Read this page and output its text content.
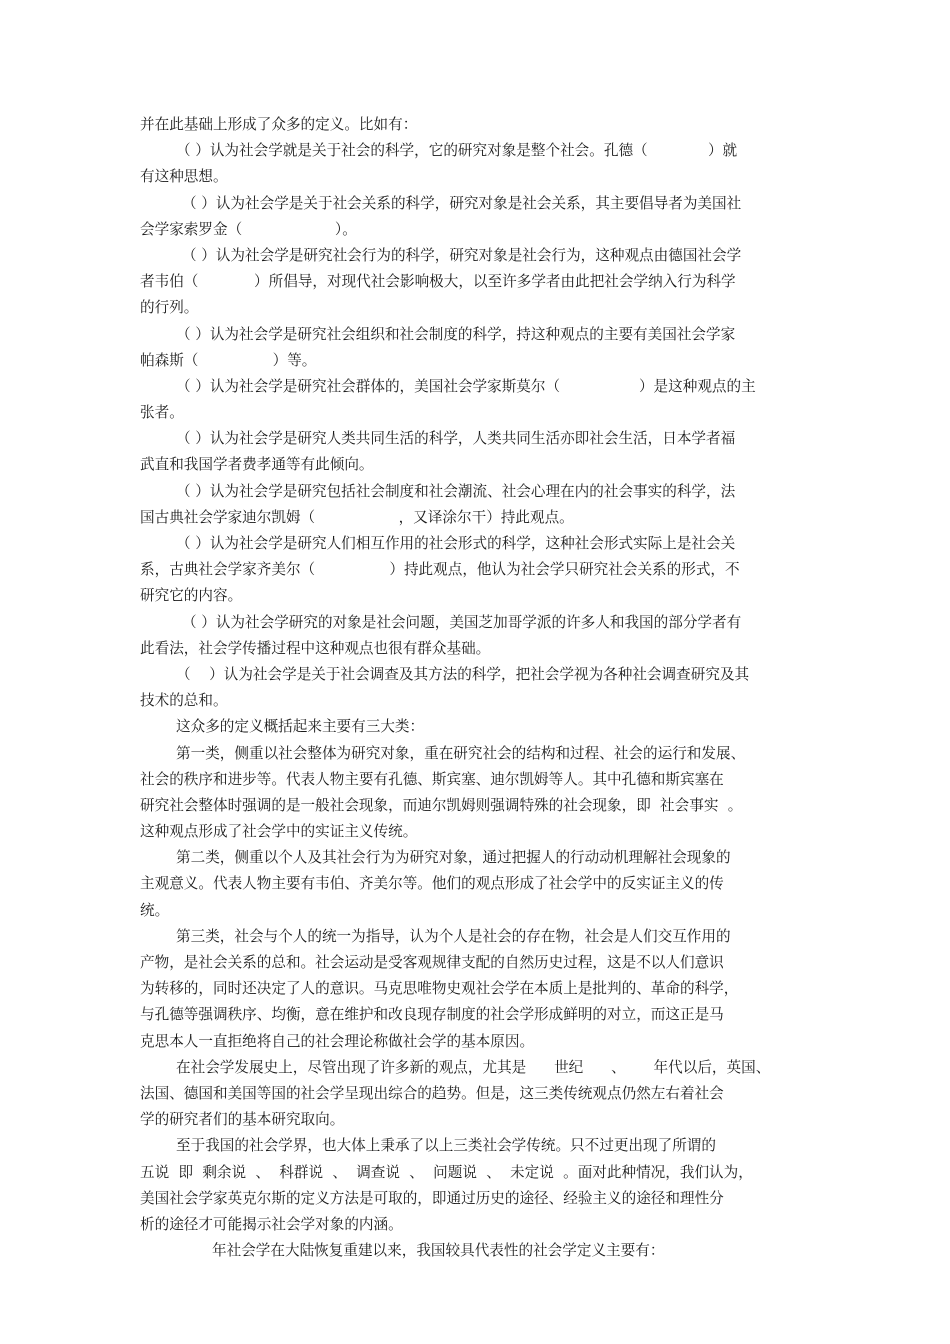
并在此基础上形成了众多的定义。比如有：
（ ）认为社会学就是关于社会的科学，它的研究对象是整个社会。孔德（             ）就
有这种思想。
（ ）认为社会学是关于社会关系的科学，研究对象是社会关系，其主要倡导者为美国社
会学家索罗金（                    ）。
（ ）认为社会学是研究社会行为的科学，研究对象是社会行为，这种观点由德国社会学
者韦伯（            ）所倡导，对现代社会影响极大，以至许多学者由此把社会学纳入行为科学
的行列。
（ ）认为社会学是研究社会组织和社会制度的科学，持这种观点的主要有美国社会学家
帕森斯（                ）等。
（ ）认为社会学是研究社会群体的，美国社会学家斯莫尔（                 ）是这种观点的主
张者。
（ ）认为社会学是研究人类共同生活的科学，人类共同生活亦即社会生活，日本学者福
武直和我国学者费孝通等有此倾向。
（ ）认为社会学是研究包括社会制度和社会潮流、社会心理在内的社会事实的科学，法
国古典社会学家迪尔凯姆（                  ，又译涂尔干）持此观点。
（ ）认为社会学是研究人们相互作用的社会形式的科学，这种社会形式实际上是社会关
系，古典社会学家齐美尔（                ）持此观点，他认为社会学只研究社会关系的形式，不
研究它的内容。
（ ）认为社会学研究的对象是社会问题，美国芝加哥学派的许多人和我国的部分学者有
此看法，社会学传播过程中这种观点也很有群众基础。
（    ）认为社会学是关于社会调查及其方法的科学，把社会学视为各种社会调查研究及其
技术的总和。
这众多的定义概括起来主要有三大类：
第一类，侧重以社会整体为研究对象，重在研究社会的结构和过程、社会的运行和发展、
社会的秩序和进步等。代表人物主要有孔德、斯宾塞、迪尔凯姆等人。其中孔德和斯宾塞在
研究社会整体时强调的是一般社会现象，而迪尔凯姆则强调特殊的社会现象，即  社会事实  。
这种观点形成了社会学中的实证主义传统。
第二类，侧重以个人及其社会行为为研究对象，通过把握人的行动动机理解社会现象的
主观意义。代表人物主要有韦伯、齐美尔等。他们的观点形成了社会学中的反实证主义的传
统。
第三类，社会与个人的统一为指导，认为个人是社会的存在物，社会是人们交互作用的
产物，是社会关系的总和。社会运动是受客观规律支配的自然历史过程，这是不以人们意识
为转移的，同时还决定了人的意识。马克思唯物史观社会学在本质上是批判的、革命的科学，
与孔德等强调秩序、均衡，意在维护和改良现存制度的社会学形成鲜明的对立，而这正是马
克思本人一直拒绝将自己的社会理论称做社会学的基本原因。
在社会学发展史上，尽管出现了许多新的观点，尤其是      世纪      、      年代以后，英国、
法国、德国和美国等国的社会学呈现出综合的趋势。但是，这三类传统观点仍然左右着社会
学的研究者们的基本研究取向。
至于我国的社会学界，也大体上秉承了以上三类社会学传统。只不过更出现了所谓的
五说  即  剩余说  、  科群说  、  调查说  、  问题说  、  未定说  。面对此种情况，我们认为，
美国社会学家英克尔斯的定义方法是可取的，即通过历史的途径、经验主义的途径和理性分
析的途径才可能揭示社会学对象的内涵。
年社会学在大陆恢复重建以来，我国较具代表性的社会学定义主要有：
